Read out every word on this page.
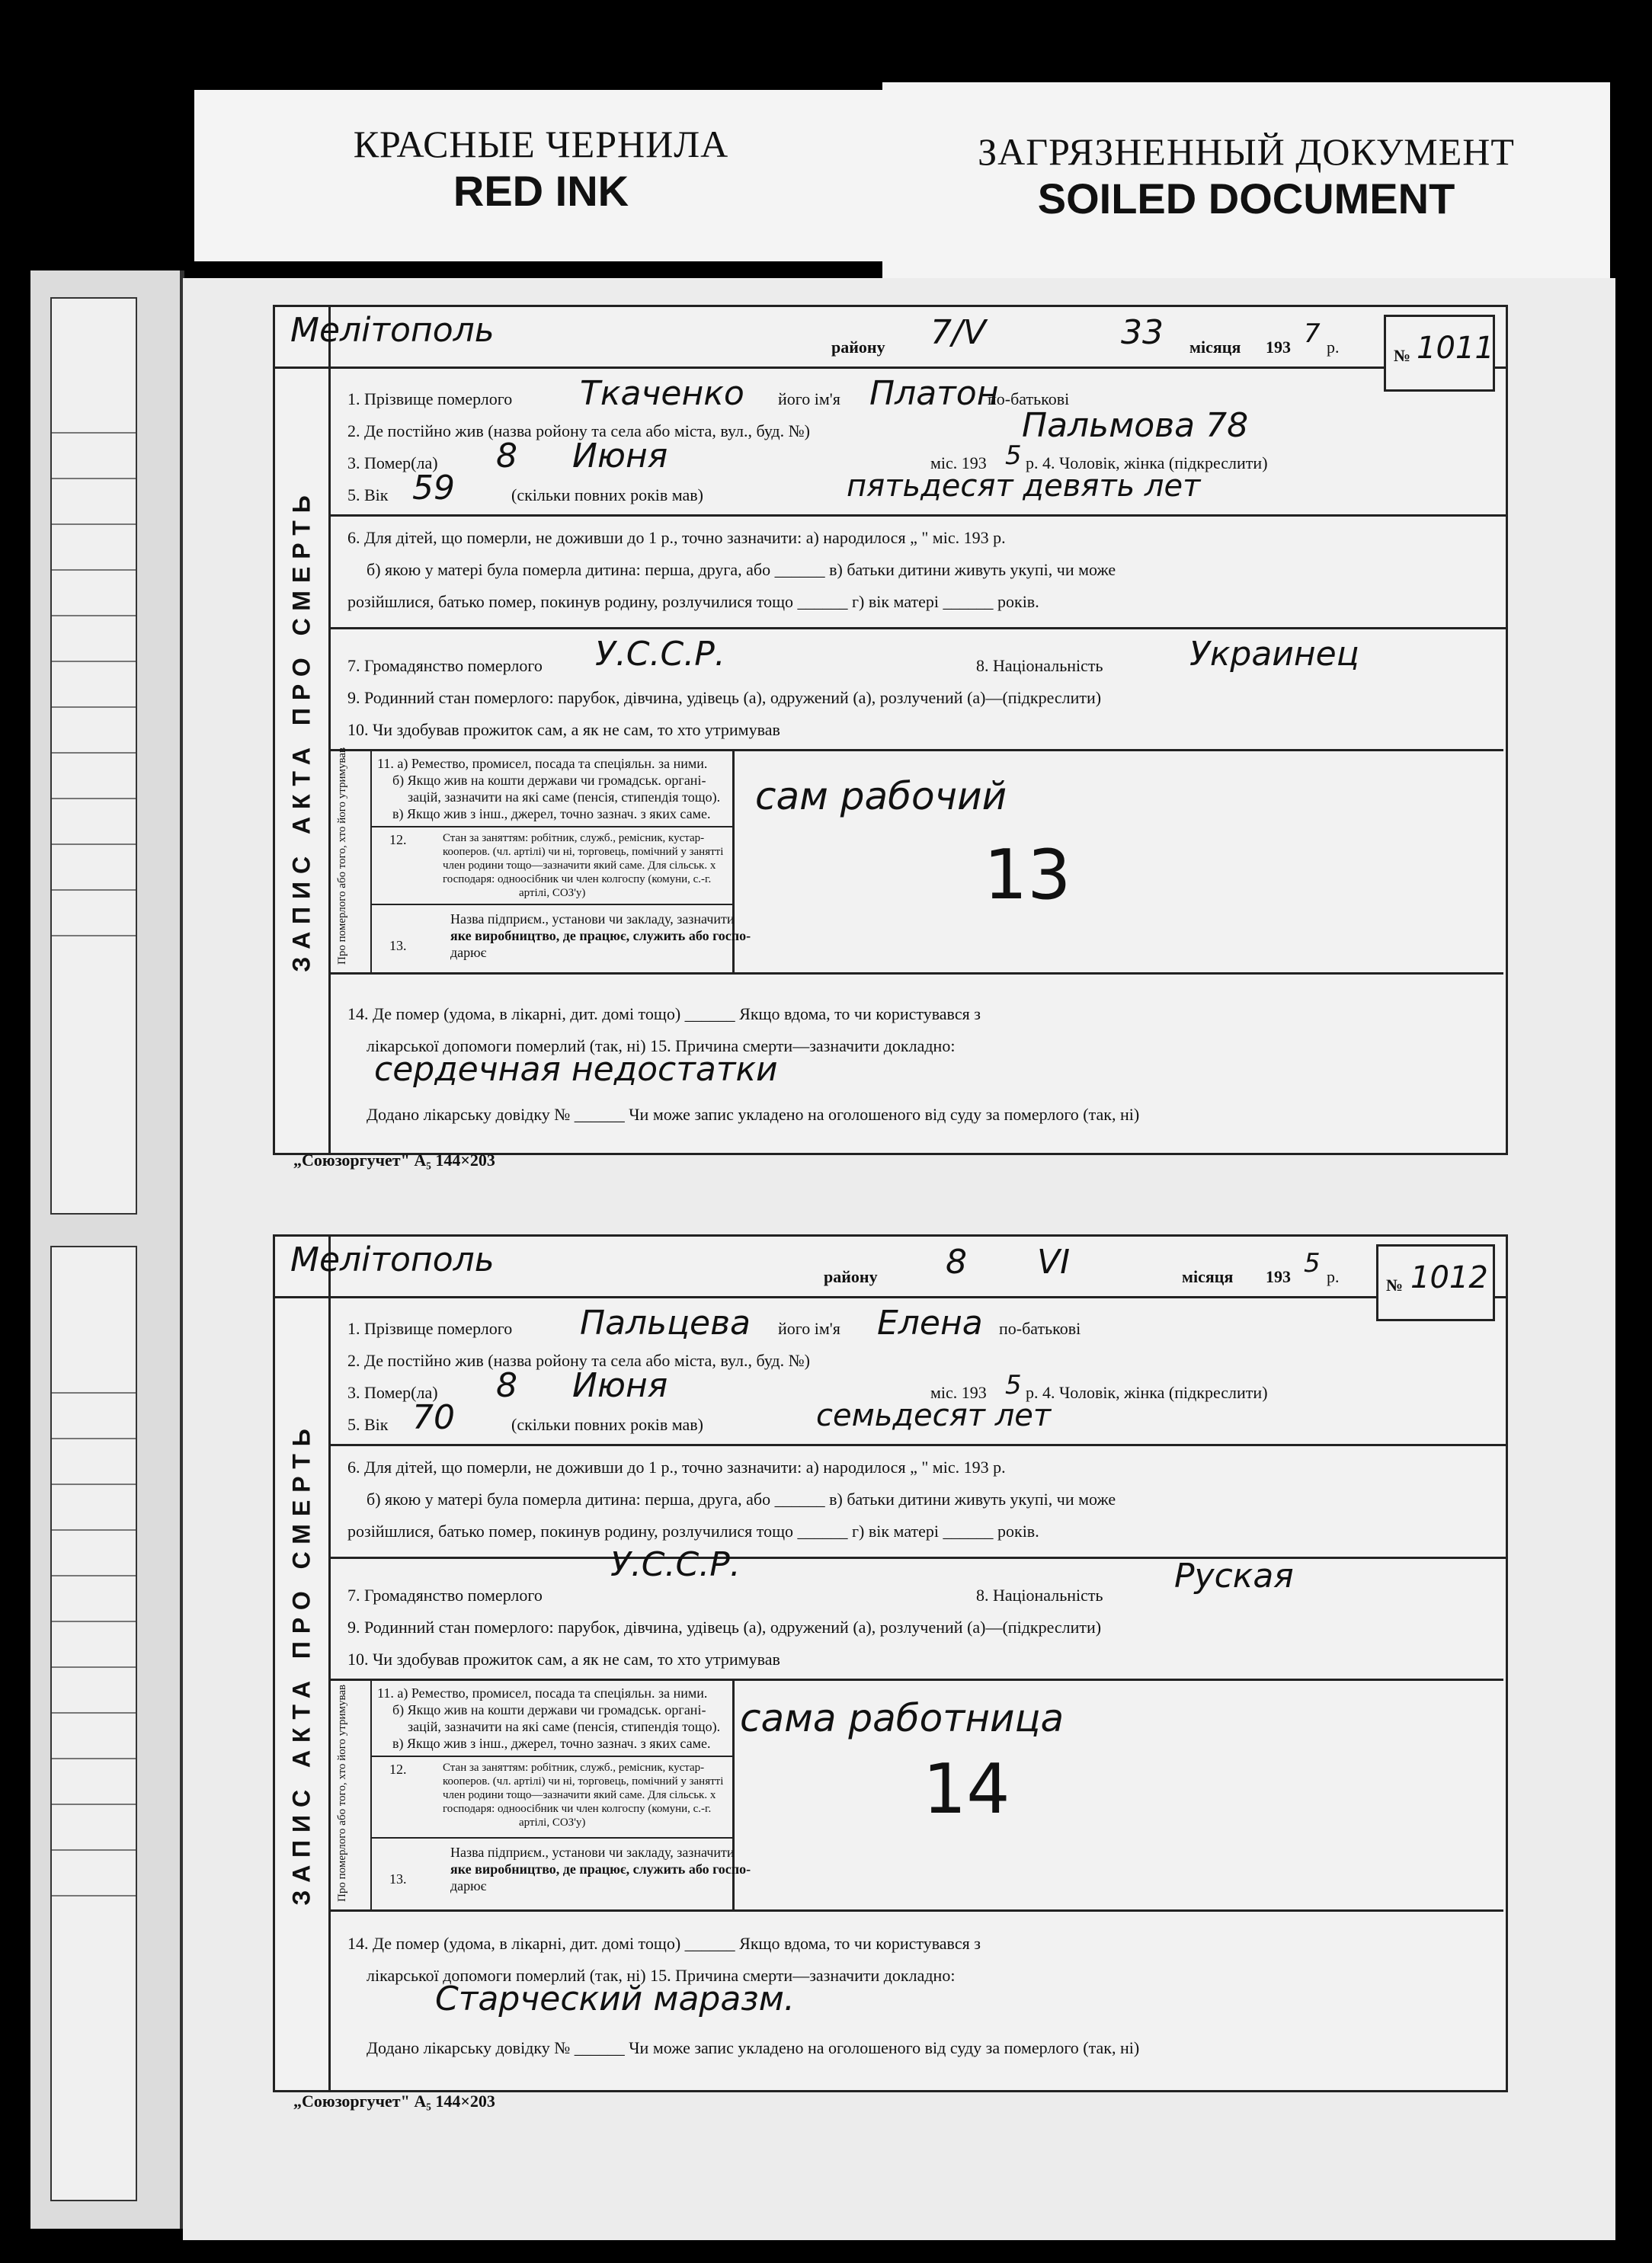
КРАСНЫЕ ЧЕРНИЛА
RED INK
ЗАГРЯЗНЕННЫЙ ДОКУМЕНТ
SOILED DOCUMENT
ЗАПИС АКТА ПРО СМЕРТЬ
Мелітополь	району 7/V	33 місяця 193 7 р.	№ 1011
1. Прізвище померлого Ткаченко його ім'я Платон
по-батькові
2. Де постійно жив (назва ройону та села або міста, вул., буд. №)	Пальмова 78
3. Помер(ла) 8 Июня	міс. 193 5 р. 4. Чоловік, жінка (підкреслити)
5. Вік 59	(скільки повних років мав)	пятьдесят девять лет
6. Для дітей, що померли, не доживши до 1 р., точно зазначити: а) народилося „ " міс. 193 р.
б) якою у матері була померла дитина: перша, друга, або ______ в) батьки дитини живуть укупі, чи може
розійшлися, батько помер, покинув родину, розлучилися тощо ______ г) вік матері ______ років.
7. Громадянство померлого У.С.С.Р.	8. Національність	Украинец
9. Родинний стан померлого: парубок, дівчина, удівець (а), одружений (а), розлучений (а)—(підкреслити)
10. Чи здобував прожиток сам, а як не сам, то хто утримував
Про померлого або того, хто його утримував 11. а) Ремество, промисел, посада та спеціяльн. за ними.
б) Якщо жив на кошти держави чи громадськ. органі-
зацій, зазначити на які саме (пенсія, стипендія тощо).
в) Якщо жив з інш., джерел, точно зазнач. з яких саме.
12.	Стан за заняттям: робітник, служб., ремісник, кустар-
кооперов. (чл. артілі) чи ні, торговець, помічний у занятті
член родини тощо—зазначити який саме. Для сільськ. х
господаря: одноосібник чи член колгоспу (комуни, с.-г.
артілі, СОЗ'у)
13.
Назва підприєм., установи чи закладу, зазначити
яке виробництво, де працює, служить або госпо-
дарює
сам рабочий
13
14. Де помер (удома, в лікарні, дит. домі тощо) ______ Якщо вдома, то чи користувався з
лікарської допомоги померлий (так, ні) 15. Причина смерти—зазначити докладно:
сердечная недостатки
Додано лікарську довідку № ______ Чи може запис укладено на оголошеного від суду за померлого (так, ні)
„Союзоргучет" А₅ 144×203
ЗАПИС АКТА ПРО СМЕРТЬ
Мелітополь	району 8 VI	місяця 193 5 р.	№ 1012
1. Прізвище померлого Пальцева його ім'я Елена по-батькові
2. Де постійно жив (назва ройону та села або міста, вул., буд. №)
3. Помер(ла) 8 Июня	міс. 193 5 р. 4. Чоловік, жінка (підкреслити)
5. Вік 70	(скільки повних років мав)	семьдесят лет
6. Для дітей, що померли, не доживши до 1 р., точно зазначити: а) народилося „ " міс. 193 р.
б) якою у матері була померла дитина: перша, друга, або ______ в) батьки дитини живуть укупі, чи може
розійшлися, батько помер, покинув родину, розлучилися тощо ______ г) вік матері ______ років.
7. Громадянство померлого
У.С.С.Р.
8. Національність Руская
9. Родинний стан померлого: парубок, дівчина, удівець (а), одружений (а), розлучений (а)—(підкреслити)
10. Чи здобував прожиток сам, а як не сам, то хто утримував
Про померлого або того, хто його утримував 11. а) Ремество, промисел, посада та спеціяльн. за ними.
б) Якщо жив на кошти держави чи громадськ. органі-
зацій, зазначити на які саме (пенсія, стипендія тощо).
в) Якщо жив з інш., джерел, точно зазнач. з яких саме.
12.	Стан за заняттям: робітник, служб., ремісник, кустар-
кооперов. (чл. артілі) чи ні, торговець, помічний у занятті
член родини тощо—зазначити який саме. Для сільськ. х
господаря: одноосібник чи член колгоспу (комуни, с.-г.
артілі, СОЗ'у)
13.
Назва підприєм., установи чи закладу, зазначити
яке виробництво, де працює, служить або госпо-
дарює
сама работница
14
14. Де помер (удома, в лікарні, дит. домі тощо) ______ Якщо вдома, то чи користувався з
лікарської допомоги померлий (так, ні) 15. Причина смерти—зазначити докладно:
Старческий маразм.
Додано лікарську довідку № ______ Чи може запис укладено на оголошеного від суду за померлого (так, ні)
„Союзоргучет" А₅ 144×203
